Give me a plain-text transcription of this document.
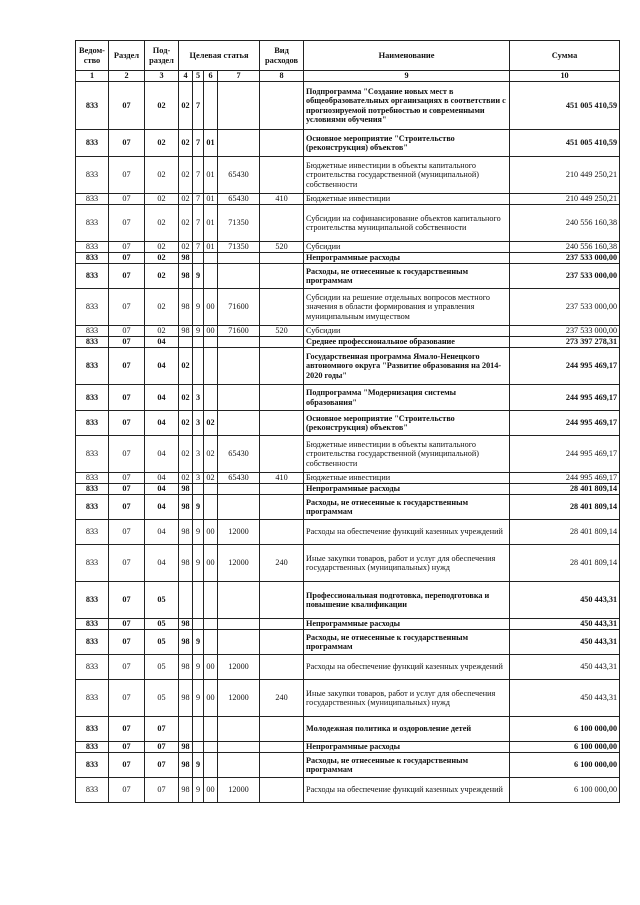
Ведом-ство	Раздел	Под-раздел	Целевая статья				Вид расходов	Наименование	Сумма
1	2	3	4	5	6	7	8	9	10
833	07	02	02	7				Подпрограмма "Создание новых мест в общеобразовательных организациях в соответствии с прогнозируемой потребностью и современными условиями обучения"	451 005 410,59
833	07	02	02	7	01			Основное мероприятие "Строительство (реконструкция) объектов"	451 005 410,59
833	07	02	02	7	01	65430		Бюджетные инвестиции в объекты капитального строительства государственной (муниципальной) собственности	210 449 250,21
833	07	02	02	7	01	65430	410	Бюджетные инвестиции	210 449 250,21
833	07	02	02	7	01	71350		Субсидии на софинансирование объектов капитального строительства муниципальной собственности	240 556 160,38
833	07	02	02	7	01	71350	520	Субсидии	240 556 160,38
833	07	02	98					Непрограммные расходы	237 533 000,00
833	07	02	98	9				Расходы, не отнесенные к государственным программам	237 533 000,00
833	07	02	98	9	00	71600		Субсидии на решение отдельных вопросов местного значения в области формирования и управления муниципальным имуществом	237 533 000,00
833	07	02	98	9	00	71600	520	Субсидии	237 533 000,00
833	07	04						Среднее профессиональное образование	273 397 278,31
833	07	04	02					Государственная программа Ямало-Ненецкого автономного округа "Развитие образования на 2014-2020 годы"	244 995 469,17
833	07	04	02	3				Подпрограмма "Модернизация системы образования"	244 995 469,17
833	07	04	02	3	02			Основное мероприятие "Строительство (реконструкция) объектов"	244 995 469,17
833	07	04	02	3	02	65430		Бюджетные инвестиции в объекты капитального строительства государственной (муниципальной) собственности	244 995 469,17
833	07	04	02	3	02	65430	410	Бюджетные инвестиции	244 995 469,17
833	07	04	98					Непрограммные расходы	28 401 809,14
833	07	04	98	9				Расходы, не отнесенные к государственным программам	28 401 809,14
833	07	04	98	9	00	12000		Расходы на обеспечение функций казенных учреждений	28 401 809,14
833	07	04	98	9	00	12000	240	Иные закупки товаров, работ и услуг для обеспечения государственных (муниципальных) нужд	28 401 809,14
833	07	05						Профессиональная подготовка, переподготовка и повышение квалификации	450 443,31
833	07	05	98					Непрограммные расходы	450 443,31
833	07	05	98	9				Расходы, не отнесенные к государственным программам	450 443,31
833	07	05	98	9	00	12000		Расходы на обеспечение функций казенных учреждений	450 443,31
833	07	05	98	9	00	12000	240	Иные закупки товаров, работ и услуг для обеспечения государственных (муниципальных) нужд	450 443,31
833	07	07						Молодежная политика и оздоровление детей	6 100 000,00
833	07	07	98					Непрограммные расходы	6 100 000,00
833	07	07	98	9				Расходы, не отнесенные к государственным программам	6 100 000,00
833	07	07	98	9	00	12000		Расходы на обеспечение функций казенных учреждений	6 100 000,00
